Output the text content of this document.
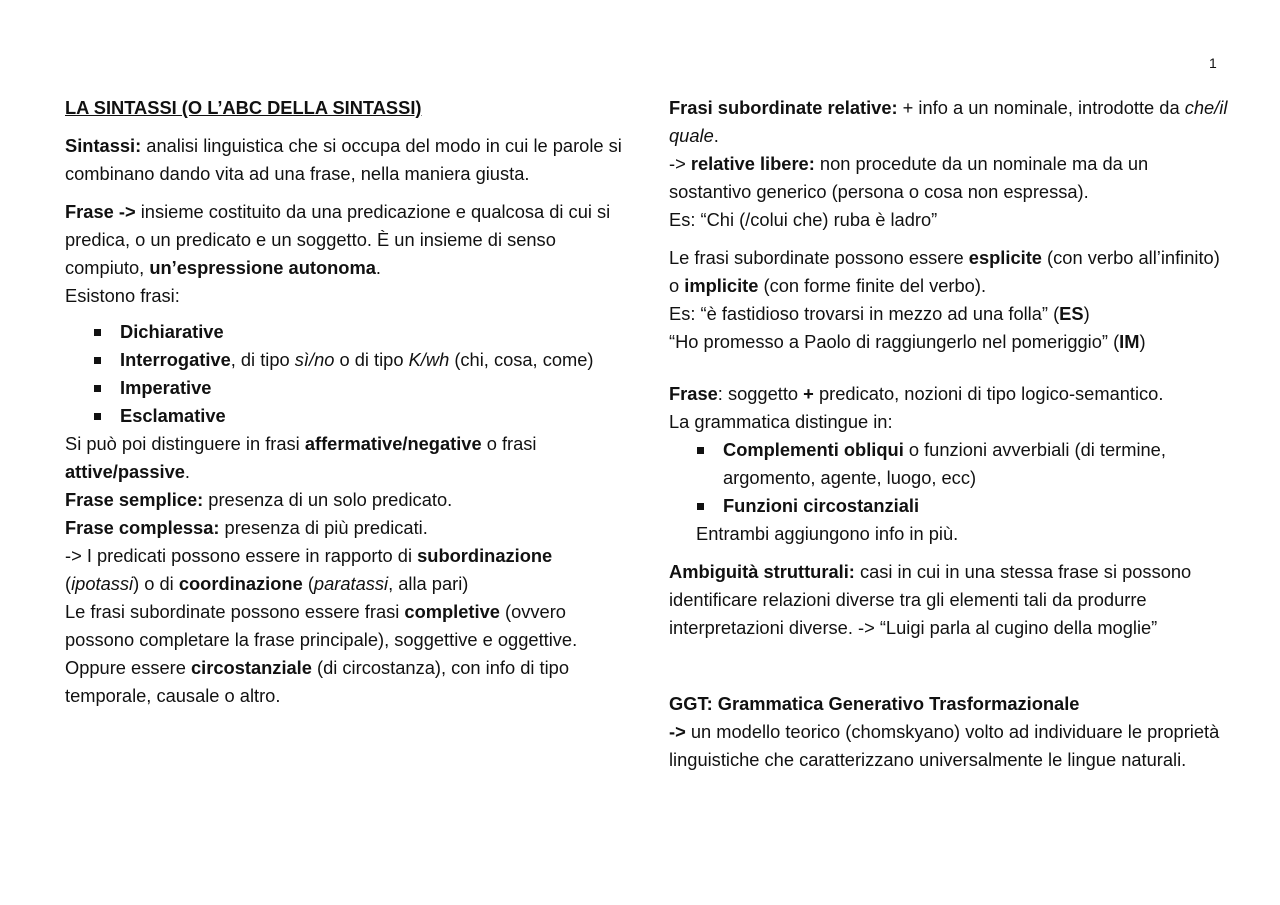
1

LA SINTASSI (O L’ABC DELLA SINTASSI)

Sintassi: analisi linguistica che si occupa del modo in cui le parole si combinano dando vita ad una frase, nella maniera giusta.

Frase -> insieme costituito da una predicazione e qualcosa di cui si predica, o un predicato e un soggetto. È un insieme di senso compiuto, un’espressione autonoma.

Esistono frasi:

Dichiarative
Interrogative, di tipo sì/no o di tipo K/wh (chi, cosa, come)
Imperative
Esclamative

Si può poi distinguere in frasi affermative/negative o frasi attive/passive.

Frase semplice: presenza di un solo predicato.

Frase complessa: presenza di più predicati.

-> I predicati possono essere in rapporto di subordinazione (ipotassi) o di coordinazione (paratassi, alla pari)

Le frasi subordinate possono essere frasi completive (ovvero possono completare la frase principale), soggettive e oggettive. Oppure essere circostanziale (di circostanza), con info di tipo temporale, causale o altro.

Frasi subordinate relative: + info a un nominale, introdotte da che/il quale.

-> relative libere: non procedute da un nominale ma da un sostantivo generico (persona o cosa non espressa).

Es: “Chi (/colui che) ruba è ladro”

Le frasi subordinate possono essere esplicite (con verbo all’infinito) o implicite (con forme finite del verbo).

Es: “è fastidioso trovarsi in mezzo ad una folla” (ES)

“Ho promesso a Paolo di raggiungerlo nel pomeriggio” (IM)

Frase: soggetto + predicato, nozioni di tipo logico-semantico.

La grammatica distingue in:

Complementi obliqui o funzioni avverbiali (di termine, argomento, agente, luogo, ecc)
Funzioni circostanziali

Entrambi aggiungono info in più.

Ambiguità strutturali: casi in cui in una stessa frase si possono identificare relazioni diverse tra gli elementi tali da produrre interpretazioni diverse. -> “Luigi parla al cugino della moglie”

GGT: Grammatica Generativo Trasformazionale

-> un modello teorico (chomskyano) volto ad individuare le proprietà linguistiche che caratterizzano universalmente le lingue naturali.
